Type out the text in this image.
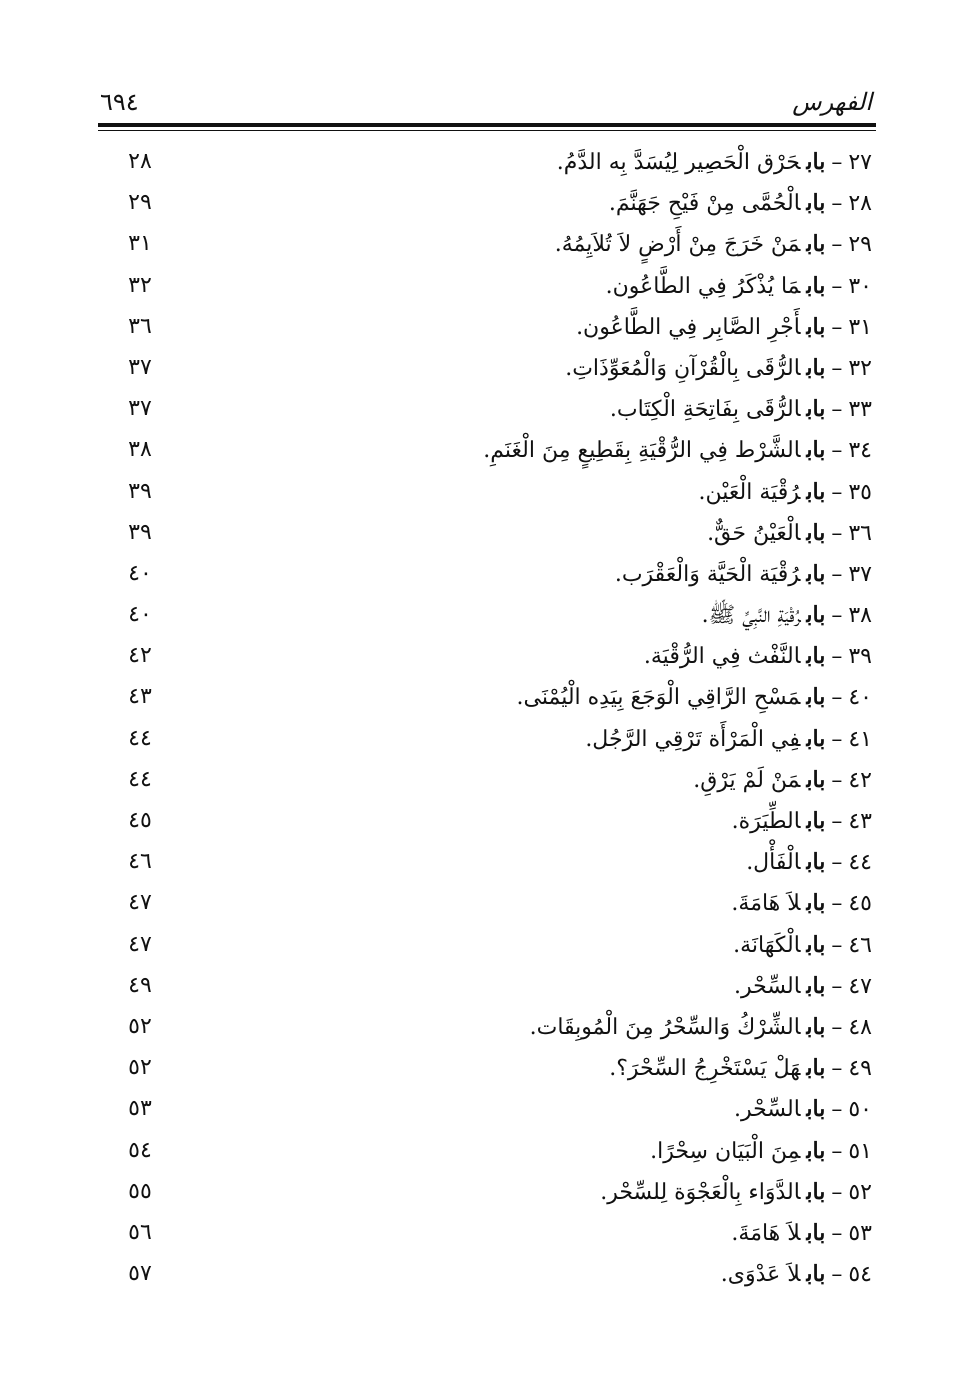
الفهرس
٦٩٤
٢٧–بابحَرْق الْحَصِير لِيُسَدَّ بِه الدَّمُ.
٢٨
٢٨–بابالْحُمَّى مِنْ فَيْحِ جَهَنَّمَ.
٢٩
٢٩–بابمَنْ خَرَجَ مِنْ أَرْضٍ لاَ تُلاَيِمُهُ.
٣١
٣٠–بابمَا يُذْكَرُ فِي الطَّاعُون.
٣٢
٣١–بابأَجْرِ الصَّابِر فِي الطَّاعُون.
٣٦
٣٢–بابالرُّقَى بِالْقُرْآنِ وَالْمُعَوِّذَاتِ.
٣٧
٣٣–بابالرُّقَى بِفَاتِحَةِ الْكِتَاب.
٣٧
٣٤–بابالشَّرْط فِي الرُّقْيَةِ بِقَطِيعٍ مِنَ الْغَنَمِ.
٣٨
٣٥–بابرُقْيَة الْعَيْن.
٣٩
٣٦–بابالْعَيْنُ حَقٌّ.
٣٩
٣٧–بابرُقْيَة الْحَيَّة وَالْعَقْرَب.
٤٠
٣٨–بابرُقْيَةِ النَّبِيِّ ﷺ.
٤٠
٣٩–بابالنَّفْث فِي الرُّقْيَة.
٤٢
٤٠–بابمَسْحِ الرَّاقِي الْوَجَعَ بِيَدِه الْيُمْنَى.
٤٣
٤١–بابفِي الْمَرْأَة تَرْقِي الرَّجُل.
٤٤
٤٢–بابمَنْ لَمْ يَرْقِ.
٤٤
٤٣–بابالطِّيَرَة.
٤٥
٤٤–بابالْفَأْل.
٤٦
٤٥–بابلاَ هَامَةَ.
٤٧
٤٦–بابالْكَهَانَة.
٤٧
٤٧–بابالسِّحْر.
٤٩
٤٨–بابالشِّرْكُ وَالسِّحْرُ مِنَ الْمُوبِقَات.
٥٢
٤٩–بابهَلْ يَسْتَخْرِجُ السِّحْرَ؟.
٥٢
٥٠–بابالسِّحْر.
٥٣
٥١–بابمِنَ الْبَيَان سِحْرًا.
٥٤
٥٢–بابالدَّوَاء بِالْعَجْوَة لِلسِّحْر.
٥٥
٥٣–بابلاَ هَامَةَ.
٥٦
٥٤–بابلاَ عَدْوَى.
٥٧
